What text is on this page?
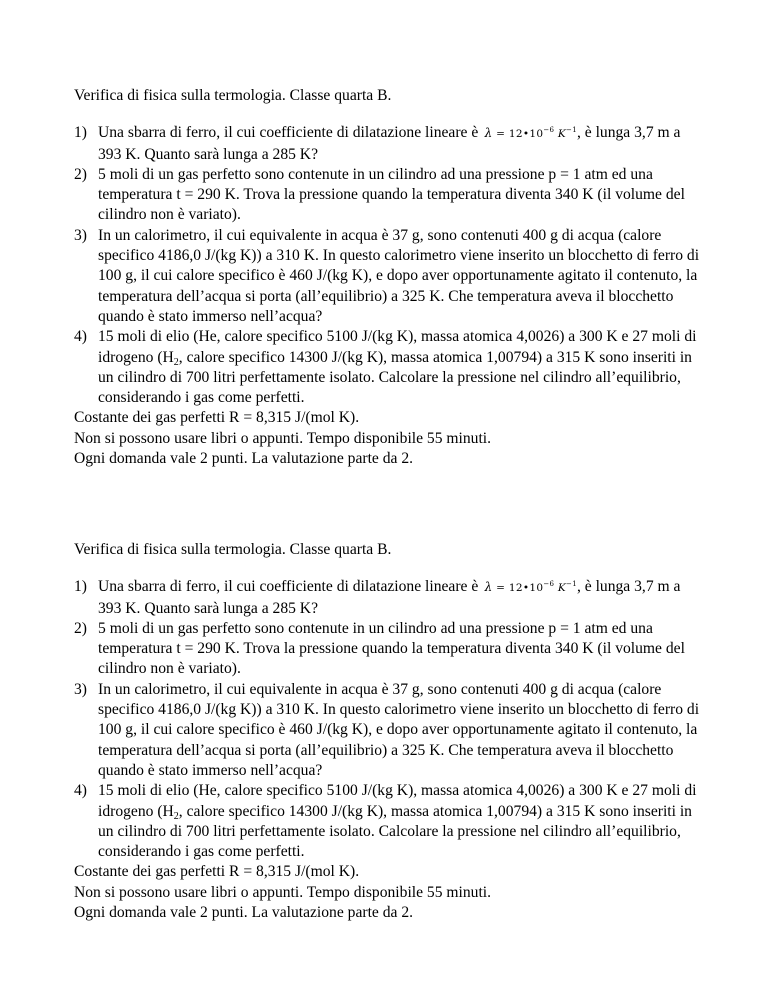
Verifica di fisica sulla termologia. Classe quarta B.

1) Una sbarra di ferro, il cui coefficiente di dilatazione lineare è   $\lambda = 12•10^{-6}$ $K^{-1}$, è lunga 3,7 m a 393 K. Quanto sarà lunga a 285 K?
2) 5 moli di un gas perfetto sono contenute in un cilindro ad una pressione p = 1 atm ed una temperatura t = 290 K. Trova la pressione quando la temperatura diventa 340 K (il volume del cilindro non è variato).
3) In un calorimetro, il cui equivalente in acqua è 37 g, sono contenuti 400 g di acqua (calore specifico 4186,0 J/(kg K)) a 310 K. In questo calorimetro viene inserito un blocchetto di ferro di 100 g, il cui calore specifico è 460 J/(kg K), e dopo aver opportunamente agitato il contenuto, la temperatura dell’acqua si porta (all’equilibrio) a 325 K. Che temperatura aveva il blocchetto quando è stato immerso nell’acqua?
4) 15 moli di elio (He, calore specifico 5100 J/(kg K), massa atomica 4,0026) a 300 K e 27 moli di idrogeno ($H_2$, calore specifico 14300 J/(kg K), massa atomica 1,00794) a 315 K sono inseriti in un cilindro di 700 litri perfettamente isolato. Calcolare la pressione nel cilindro all’equilibrio, considerando i gas come perfetti.

Costante dei gas perfetti R = 8,315 J/(mol K).

Non si possono usare libri o appunti. Tempo disponibile 55 minuti.

Ogni domanda vale 2 punti. La valutazione parte da 2.

Verifica di fisica sulla termologia. Classe quarta B.

1) Una sbarra di ferro, il cui coefficiente di dilatazione lineare è   $\lambda = 12•10^{-6}$ $K^{-1}$, è lunga 3,7 m a 393 K. Quanto sarà lunga a 285 K?
2) 5 moli di un gas perfetto sono contenute in un cilindro ad una pressione p = 1 atm ed una temperatura t = 290 K. Trova la pressione quando la temperatura diventa 340 K (il volume del cilindro non è variato).
3) In un calorimetro, il cui equivalente in acqua è 37 g, sono contenuti 400 g di acqua (calore specifico 4186,0 J/(kg K)) a 310 K. In questo calorimetro viene inserito un blocchetto di ferro di 100 g, il cui calore specifico è 460 J/(kg K), e dopo aver opportunamente agitato il contenuto, la temperatura dell’acqua si porta (all’equilibrio) a 325 K. Che temperatura aveva il blocchetto quando è stato immerso nell’acqua?
4) 15 moli di elio (He, calore specifico 5100 J/(kg K), massa atomica 4,0026) a 300 K e 27 moli di idrogeno ($H_2$, calore specifico 14300 J/(kg K), massa atomica 1,00794) a 315 K sono inseriti in un cilindro di 700 litri perfettamente isolato. Calcolare la pressione nel cilindro all’equilibrio, considerando i gas come perfetti.

Costante dei gas perfetti R = 8,315 J/(mol K).

Non si possono usare libri o appunti. Tempo disponibile 55 minuti.

Ogni domanda vale 2 punti. La valutazione parte da 2.
